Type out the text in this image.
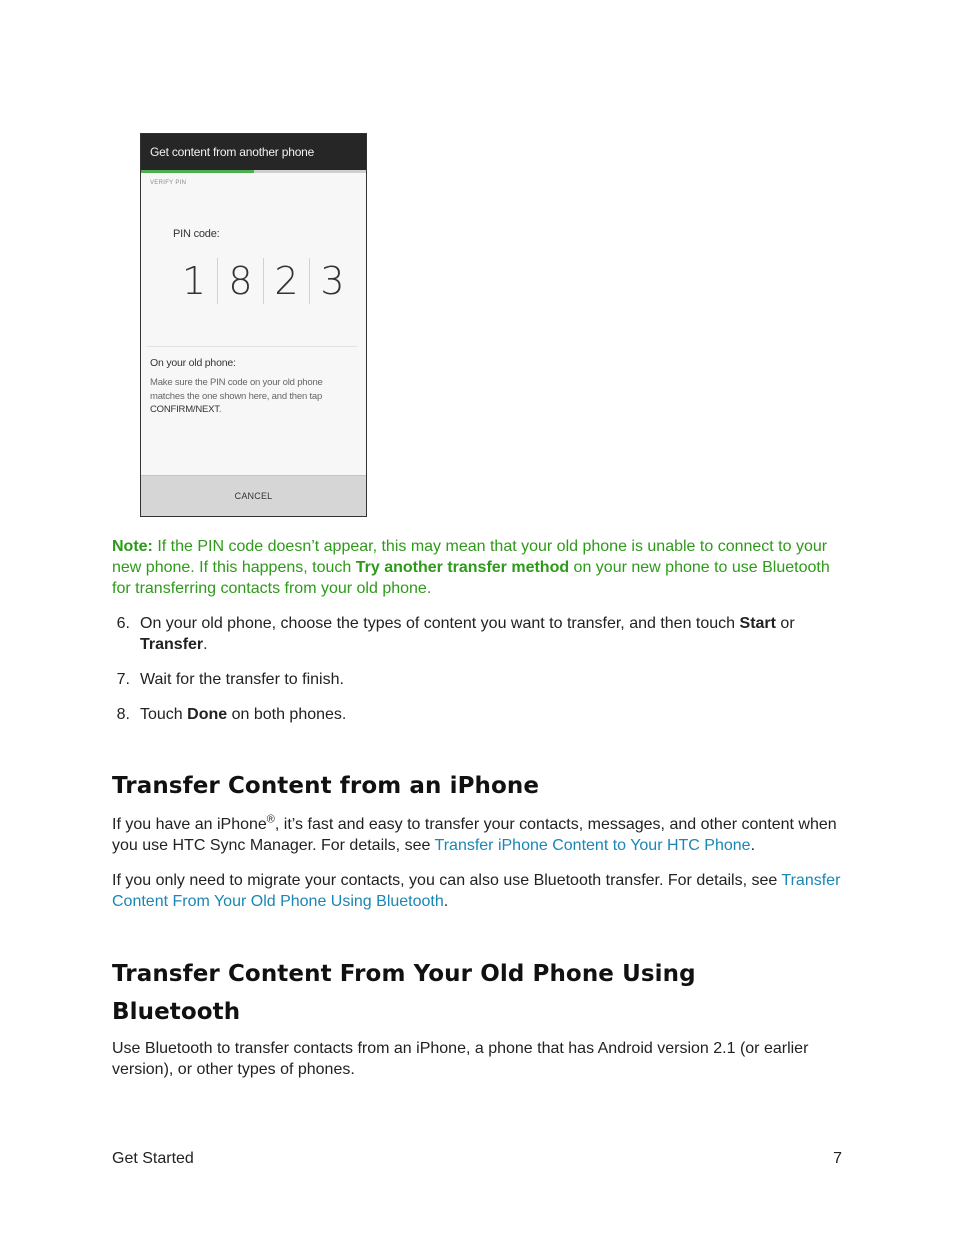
Get content from another phone
VERIFY PIN
PIN code:
1 8 2 3
On your old phone:
Make sure the PIN code on your old phone matches the one shown here, and then tap CONFIRM/NEXT.
CANCEL
Note: If the PIN code doesn’t appear, this may mean that your old phone is unable to connect to your new phone. If this happens, touch Try another transfer method on your new phone to use Bluetooth for transferring contacts from your old phone.
6. On your old phone, choose the types of content you want to transfer, and then touch Start or Transfer.
7. Wait for the transfer to finish.
8. Touch Done on both phones.
Transfer Content from an iPhone

If you have an iPhone®, it’s fast and easy to transfer your contacts, messages, and other content when you use HTC Sync Manager. For details, see Transfer iPhone Content to Your HTC Phone.

If you only need to migrate your contacts, you can also use Bluetooth transfer. For details, see Transfer Content From Your Old Phone Using Bluetooth.

Transfer Content From Your Old Phone Using Bluetooth

Use Bluetooth to transfer contacts from an iPhone, a phone that has Android version 2.1 (or earlier version), or other types of phones.

Get Started	7
